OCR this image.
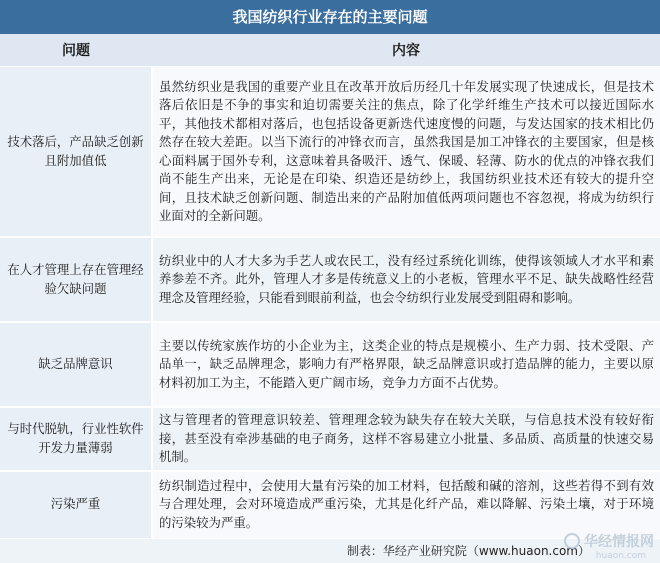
我国纺织行业存在的主要问题
问题	内容
技术落后，产品缺乏创新且附加值低	虽然纺织业是我国的重要产业且在改革开放后历经几十年发展实现了快速成长，但是技术落后依旧是不争的事实和迫切需要关注的焦点，除了化学纤维生产技术可以接近国际水平，其他技术都相对落后，也包括设备更新迭代速度慢的问题，与发达国家的技术相比仍然存在较大差距。以当下流行的冲锋衣而言，虽然我国是加工冲锋衣的主要国家，但是核心面料属于国外专利，这意味着具备吸汗、透气、保暖、轻薄、防水的优点的冲锋衣我们尚不能生产出来，无论是在印染、织造还是纺纱上，我国纺织业技术还有较大的提升空间，且技术缺乏创新问题、制造出来的产品附加值低两项问题也不容忽视，将成为纺织行业面对的全新问题。
在人才管理上存在管理经验欠缺问题	纺织业中的人才大多为手艺人或农民工，没有经过系统化训练，使得该领域人才水平和素养参差不齐。此外，管理人才多是传统意义上的小老板，管理水平不足、缺失战略性经营理念及管理经验，只能看到眼前利益，也会令纺织行业发展受到阻碍和影响。
缺乏品牌意识	主要以传统家族作坊的小企业为主，这类企业的特点是规模小、生产力弱、技术受限、产品单一，缺乏品牌理念，影响力有严格界限，缺乏品牌意识或打造品牌的能力，主要以原材料初加工为主，不能踏入更广阔市场，竞争力方面不占优势。
与时代脱轨，行业性软件开发力量薄弱	这与管理者的管理意识较差、管理理念较为缺失存在较大关联，与信息技术没有较好衔接，甚至没有牵涉基础的电子商务，这样不容易建立小批量、多品质、高质量的快速交易机制。
污染严重	纺织制造过程中，会使用大量有污染的加工材料，包括酸和碱的溶剂，这些若得不到有效与合理处理，会对环境造成严重污染，尤其是化纤产品，难以降解、污染土壤，对于环境的污染较为严重。
制表：华经产业研究院（www.huaon.com）
华经情报网
huaon.com
